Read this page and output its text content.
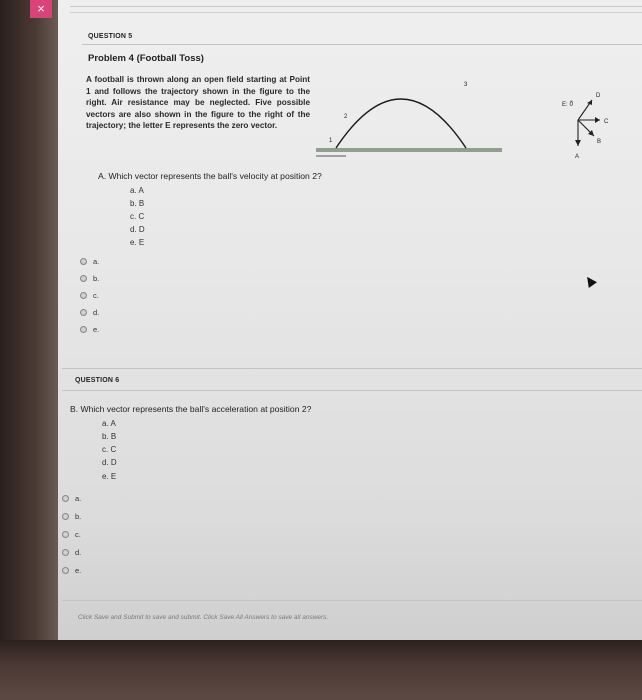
×
QUESTION 5
Problem 4 (Football Toss)
A football is thrown along an open field starting at Point 1 and follows the trajectory shown in the figure to the right. Air resistance may be neglected. Five possible vectors are also shown in the figure to the right of the trajectory; the letter E represents the zero vector.
1
2
3
E: 0⃗
D
C
B
A
A. Which vector represents the ball's velocity at position 2?
a. A
b. B
c. C
d. D
e. E
a.
b.
c.
d.
e.
QUESTION 6
B. Which vector represents the ball's acceleration at position 2?
a. A
b. B
c. C
d. D
e. E
a.
b.
c.
d.
e.
Click Save and Submit to save and submit. Click Save All Answers to save all answers.
